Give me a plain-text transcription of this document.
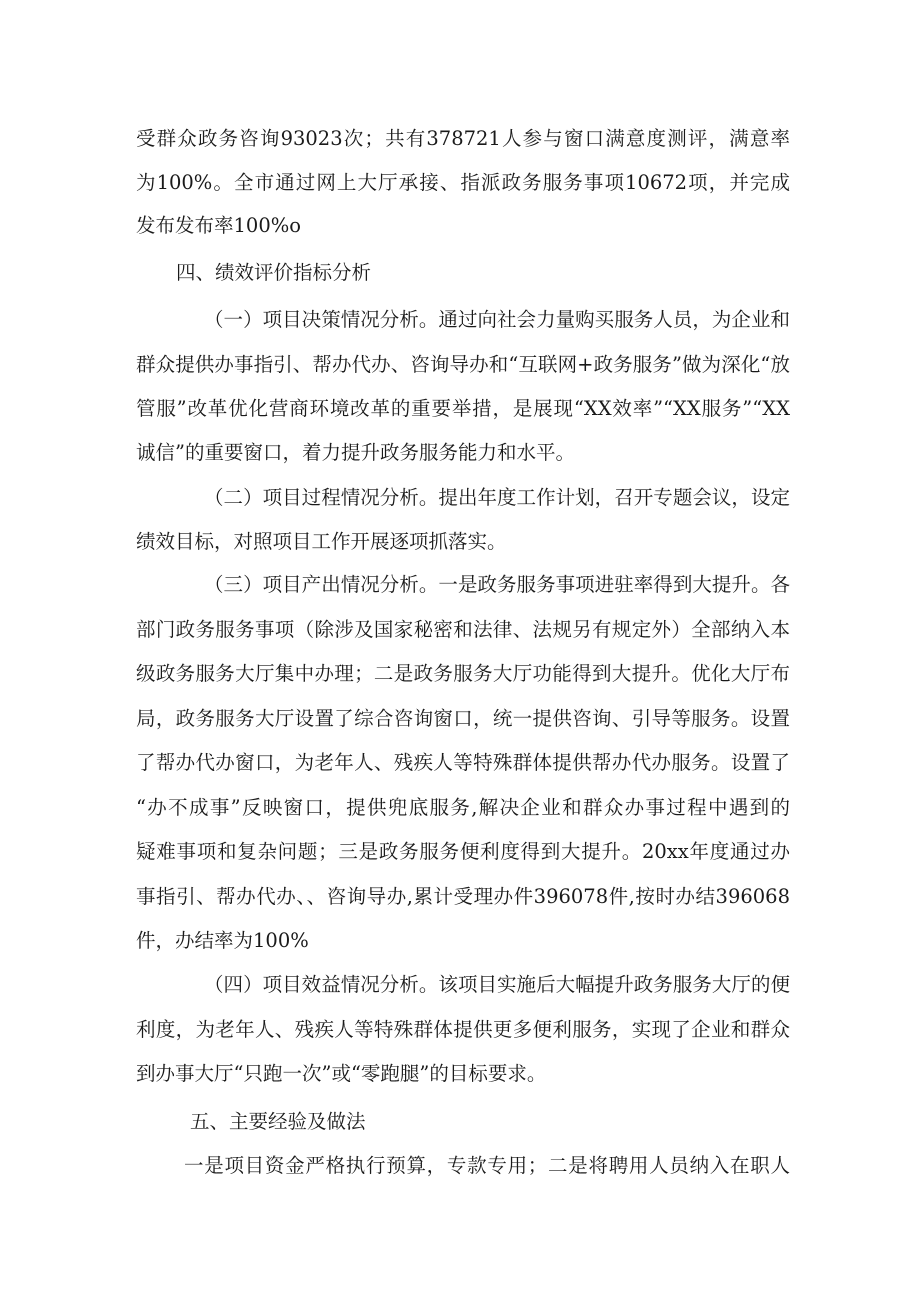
受群众政务咨询93023次；共有378721人参与窗口满意度测评，满意率
为100%。全市通过网上大厅承接、指派政务服务事项10672项，并完成
发布发布率100%o
四、绩效评价指标分析
（一）项目决策情况分析。通过向社会力量购买服务人员，为企业和
群众提供办事指引、帮办代办、咨询导办和“互联网+政务服务”做为深化“放
管服”改革优化营商环境改革的重要举措，是展现“XX效率”“XX服务”“XX
诚信”的重要窗口，着力提升政务服务能力和水平。
（二）项目过程情况分析。提出年度工作计划，召开专题会议，设定
绩效目标，对照项目工作开展逐项抓落实。
（三）项目产出情况分析。一是政务服务事项进驻率得到大提升。各
部门政务服务事项（除涉及国家秘密和法律、法规另有规定外）全部纳入本
级政务服务大厅集中办理；二是政务服务大厅功能得到大提升。优化大厅布
局，政务服务大厅设置了综合咨询窗口，统一提供咨询、引导等服务。设置
了帮办代办窗口，为老年人、残疾人等特殊群体提供帮办代办服务。设置了
“办不成事”反映窗口，提供兜底服务,解决企业和群众办事过程中遇到的
疑难事项和复杂问题；三是政务服务便利度得到大提升。20xx年度通过办
事指引、帮办代办、、咨询导办,累计受理办件396078件,按时办结396068
件，办结率为100%
（四）项目效益情况分析。该项目实施后大幅提升政务服务大厅的便
利度，为老年人、残疾人等特殊群体提供更多便利服务，实现了企业和群众
到办事大厅“只跑一次”或“零跑腿”的目标要求。
五、主要经验及做法
一是项目资金严格执行预算，专款专用；二是将聘用人员纳入在职人
